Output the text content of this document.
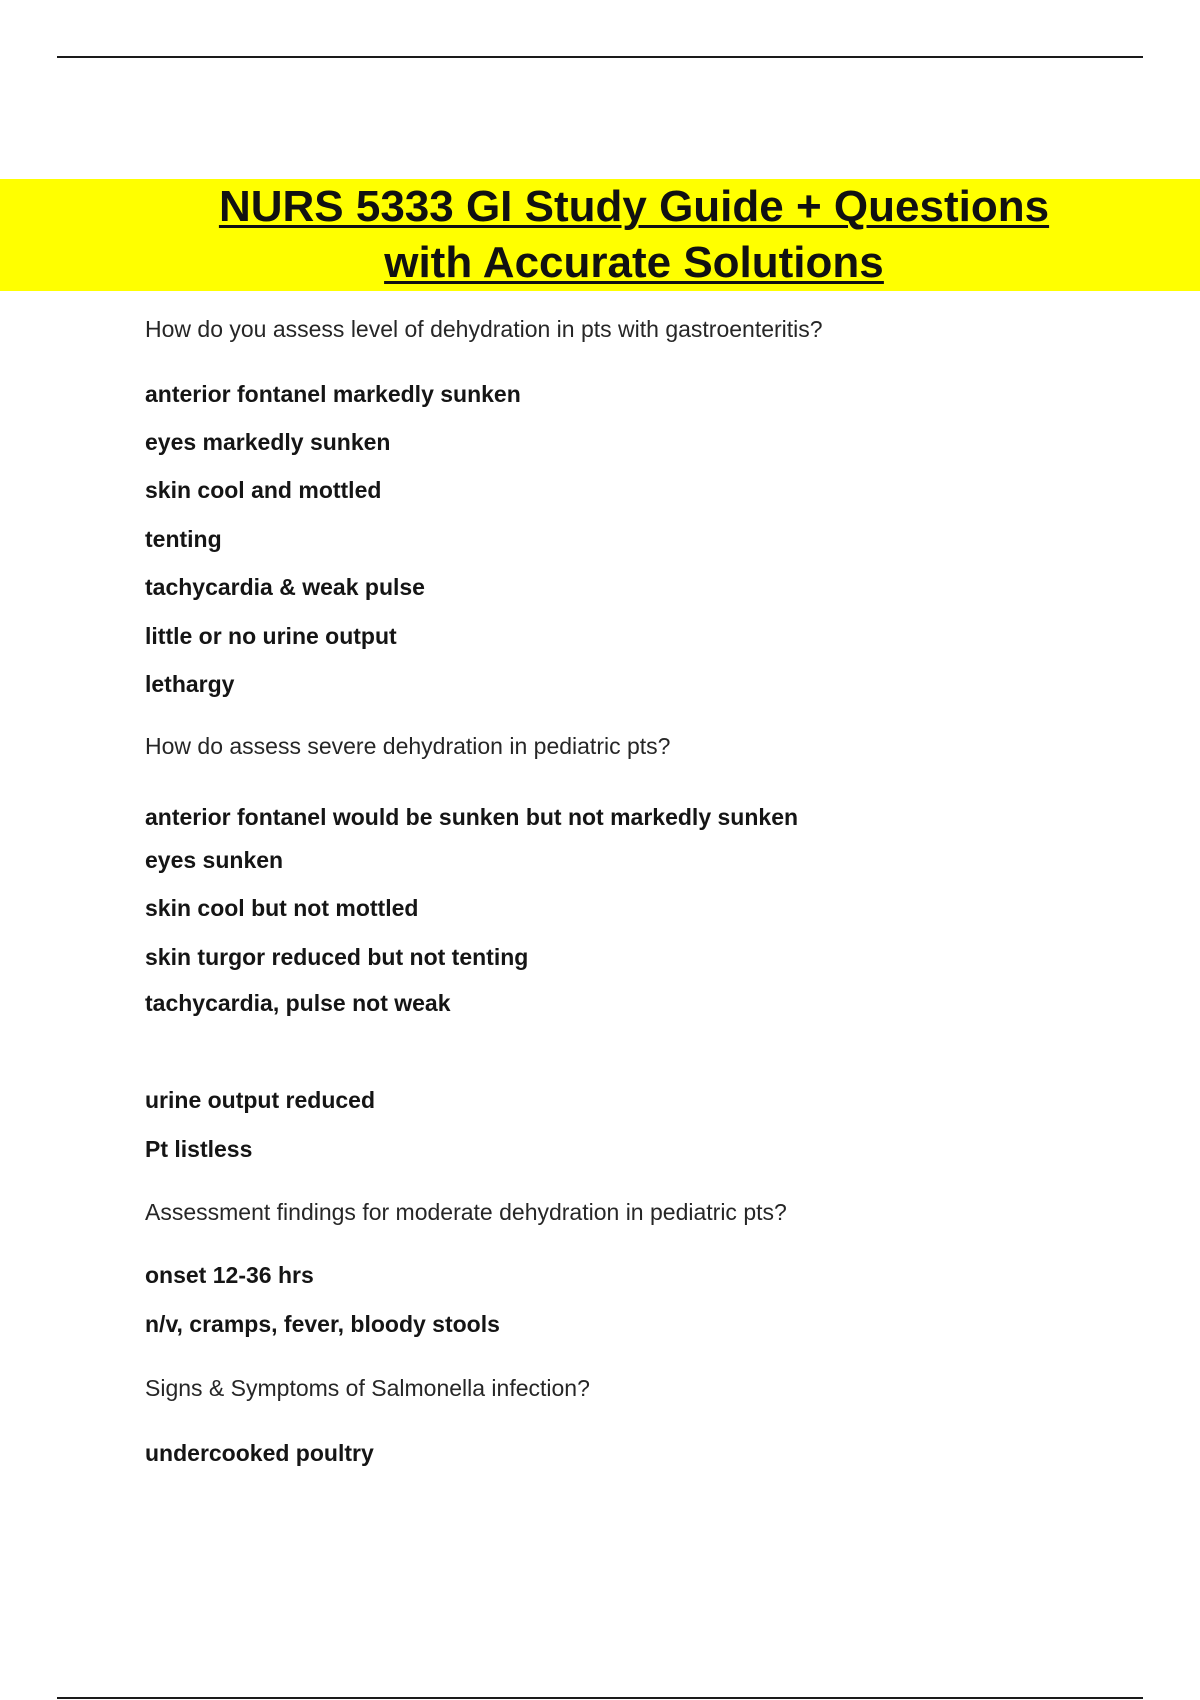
NURS 5333 GI Study Guide + Questions
with Accurate Solutions

How do you assess level of dehydration in pts with gastroenteritis?

anterior fontanel markedly sunken

eyes markedly sunken

skin cool and mottled

tenting

tachycardia & weak pulse

little or no urine output

lethargy

How do assess severe dehydration in pediatric pts?

anterior fontanel would be sunken but not markedly sunken

eyes sunken

skin cool but not mottled

skin turgor reduced but not tenting

tachycardia, pulse not weak

urine output reduced

Pt listless

Assessment findings for moderate dehydration in pediatric pts?

onset 12-36 hrs

n/v, cramps, fever, bloody stools

Signs & Symptoms of Salmonella infection?

undercooked poultry
